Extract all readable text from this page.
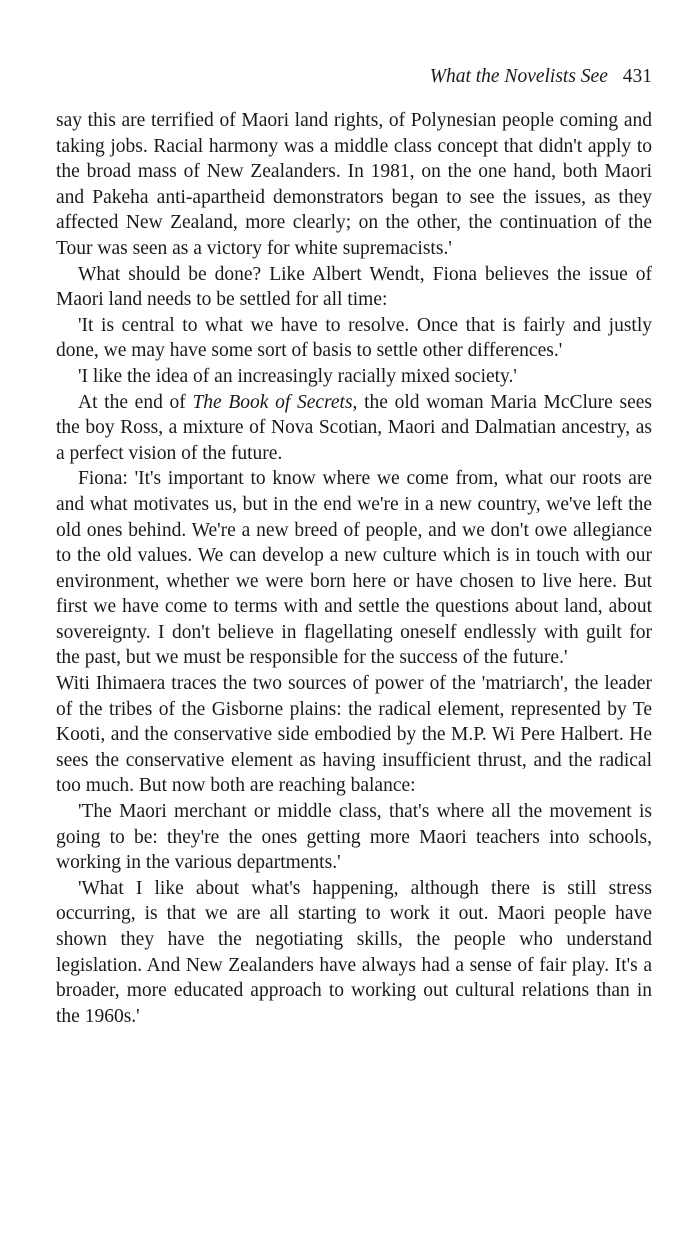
What the Novelists See 431

say this are terrified of Maori land rights, of Polynesian people coming and taking jobs. Racial harmony was a middle class concept that didn't apply to the broad mass of New Zealanders. In 1981, on the one hand, both Maori and Pakeha anti-apartheid demonstrators began to see the issues, as they affected New Zealand, more clearly; on the other, the continuation of the Tour was seen as a victory for white supremacists.'

What should be done? Like Albert Wendt, Fiona believes the issue of Maori land needs to be settled for all time:

'It is central to what we have to resolve. Once that is fairly and justly done, we may have some sort of basis to settle other differences.'

'I like the idea of an increasingly racially mixed society.'

At the end of The Book of Secrets, the old woman Maria McClure sees the boy Ross, a mixture of Nova Scotian, Maori and Dalmatian ancestry, as a perfect vision of the future.

Fiona: 'It's important to know where we come from, what our roots are and what motivates us, but in the end we're in a new country, we've left the old ones behind. We're a new breed of people, and we don't owe allegiance to the old values. We can develop a new culture which is in touch with our environment, whether we were born here or have chosen to live here. But first we have come to terms with and settle the questions about land, about sovereignty. I don't believe in flagellating oneself endlessly with guilt for the past, but we must be responsible for the success of the future.'

Witi Ihimaera traces the two sources of power of the 'matriarch', the leader of the tribes of the Gisborne plains: the radical element, represented by Te Kooti, and the conservative side embodied by the M.P. Wi Pere Halbert. He sees the conservative element as having insufficient thrust, and the radical too much. But now both are reaching balance:

'The Maori merchant or middle class, that's where all the movement is going to be: they're the ones getting more Maori teachers into schools, working in the various departments.'

'What I like about what's happening, although there is still stress occurring, is that we are all starting to work it out. Maori people have shown they have the negotiating skills, the people who understand legislation. And New Zealanders have always had a sense of fair play. It's a broader, more educated approach to working out cultural relations than in the 1960s.'
